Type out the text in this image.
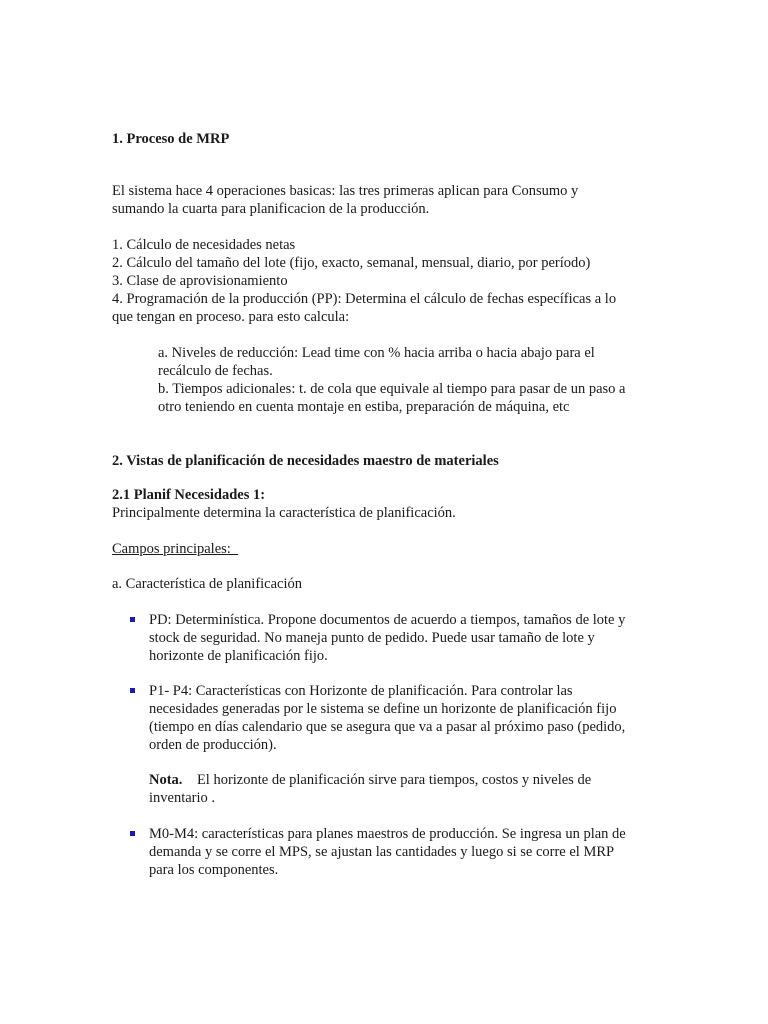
1. Proceso de MRP

El sistema hace 4 operaciones basicas: las tres primeras aplican para Consumo y
sumando la cuarta para planificacion de la producción.

1. Cálculo de necesidades netas
2. Cálculo del tamaño del lote (fijo, exacto, semanal, mensual, diario, por período)
3. Clase de aprovisionamiento
4. Programación de la producción (PP): Determina el cálculo de fechas específicas a lo
que tengan en proceso. para esto calcula:

a. Niveles de reducción: Lead time con % hacia arriba o hacia abajo para el
recálculo de fechas.
b. Tiempos adicionales: t. de cola que equivale al tiempo para pasar de un paso a
otro teniendo en cuenta montaje en estiba, preparación de máquina, etc

2. Vistas de planificación de necesidades maestro de materiales

2.1 Planif Necesidades 1:
Principalmente determina la característica de planificación.

Campos principales:

a. Característica de planificación

PD: Determinística. Propone documentos de acuerdo a tiempos, tamaños de lote y
stock de seguridad. No maneja punto de pedido. Puede usar tamaño de lote y
horizonte de planificación fijo.
P1- P4: Características con Horizonte de planificación. Para controlar las
necesidades generadas por le sistema se define un horizonte de planificación fijo
(tiempo en días calendario que se asegura que va a pasar al próximo paso (pedido,
orden de producción).

Nota. El horizonte de planificación sirve para tiempos, costos y niveles de
inventario .

M0-M4: características para planes maestros de producción. Se ingresa un plan de
demanda y se corre el MPS, se ajustan las cantidades y luego si se corre el MRP
para los componentes.
